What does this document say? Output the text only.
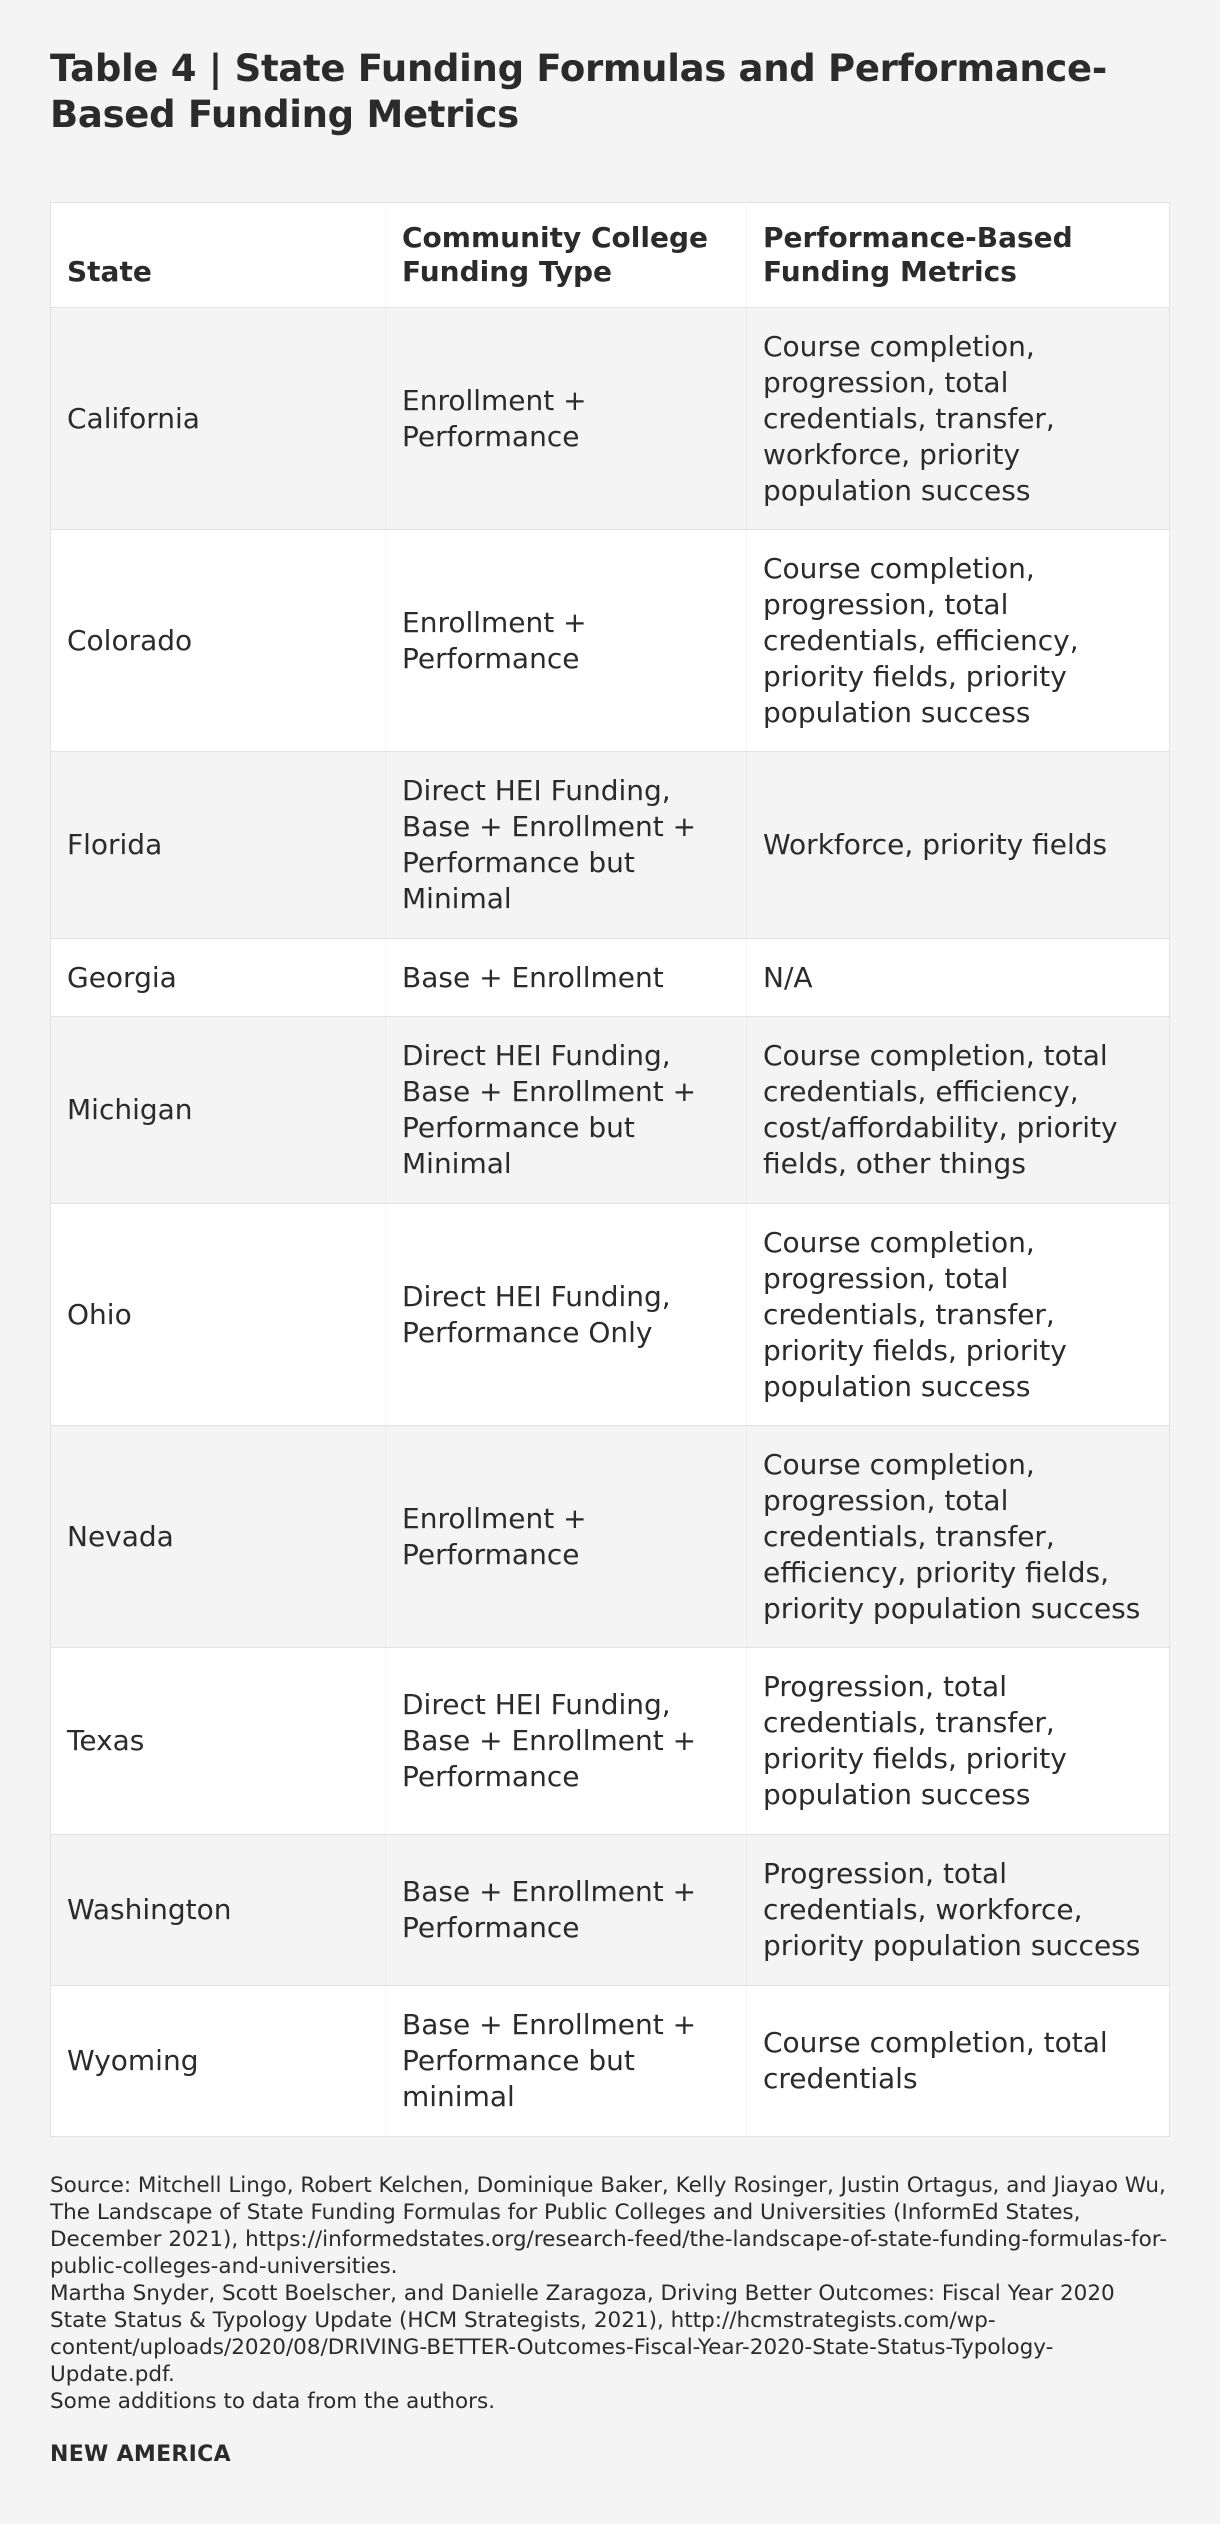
Table 4 | State Funding Formulas and Performance-Based Funding Metrics
State
Community College Funding Type
Performance-Based Funding Metrics
California
Enrollment + Performance
Course completion, progression, total credentials, transfer, workforce, priority population success
Colorado
Enrollment + Performance
Course completion, progression, total credentials, efficiency, priority fields, priority population success
Florida
Direct HEI Funding, Base + Enrollment + Performance but Minimal
Workforce, priority fields
Georgia	Base + Enrollment	N/A
Michigan
Direct HEI Funding, Base + Enrollment + Performance but Minimal
Course completion, total credentials, efficiency, cost/affordability, priority fields, other things
Ohio
Direct HEI Funding, Performance Only
Course completion, progression, total credentials, transfer, priority fields, priority population success
Nevada
Enrollment + Performance
Course completion, progression, total credentials, transfer, efficiency, priority fields, priority population success
Texas
Direct HEI Funding, Base + Enrollment + Performance
Progression, total credentials, transfer, priority fields, priority population success
Washington
Base + Enrollment + Performance
Progression, total credentials, workforce, priority population success
Wyoming
Base + Enrollment + Performance but minimal
Course completion, total credentials

Source: Mitchell Lingo, Robert Kelchen, Dominique Baker, Kelly Rosinger, Justin Ortagus, and Jiayao Wu, The Landscape of State Funding Formulas for Public Colleges and Universities (InformEd States, December 2021), https://informedstates.org/research-feed/the-landscape-of-state-funding-formulas-for-public-colleges-and-universities.

Martha Snyder, Scott Boelscher, and Danielle Zaragoza, Driving Better Outcomes: Fiscal Year 2020 State Status & Typology Update (HCM Strategists, 2021), http://hcmstrategists.com/wp-content/uploads/2020/08/DRIVING-BETTER-Outcomes-Fiscal-Year-2020-State-Status-Typology-Update.pdf.

Some additions to data from the authors.

NEW AMERICA
